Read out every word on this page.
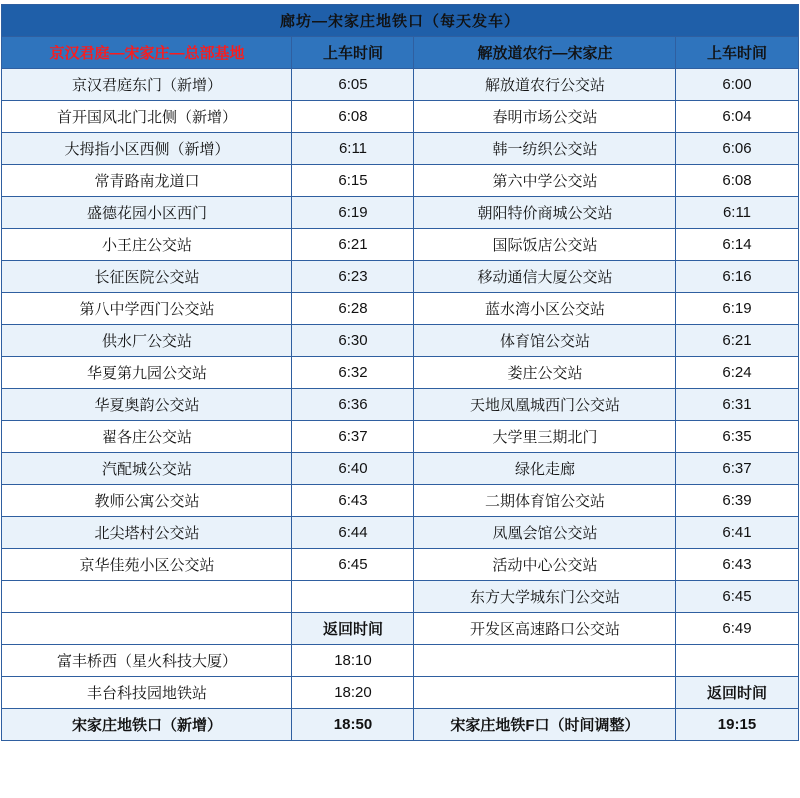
廊坊—宋家庄地铁口（每天发车）			
京汉君庭—宋家庄—总部基地	上车时间	解放道农行—宋家庄	上车时间
京汉君庭东门（新增）	6:05	解放道农行公交站	6:00
首开国风北门北侧（新增）	6:08	春明市场公交站	6:04
大拇指小区西侧（新增）	6:11	韩一纺织公交站	6:06
常青路南龙道口	6:15	第六中学公交站	6:08
盛德花园小区西门	6:19	朝阳特价商城公交站	6:11
小王庄公交站	6:21	国际饭店公交站	6:14
长征医院公交站	6:23	移动通信大厦公交站	6:16
第八中学西门公交站	6:28	蓝水湾小区公交站	6:19
供水厂公交站	6:30	体育馆公交站	6:21
华夏第九园公交站	6:32	娄庄公交站	6:24
华夏奥韵公交站	6:36	天地凤凰城西门公交站	6:31
翟各庄公交站	6:37	大学里三期北门	6:35
汽配城公交站	6:40	绿化走廊	6:37
教师公寓公交站	6:43	二期体育馆公交站	6:39
北尖塔村公交站	6:44	凤凰会馆公交站	6:41
京华佳苑小区公交站	6:45	活动中心公交站	6:43
		东方大学城东门公交站	6:45
	返回时间	开发区高速路口公交站	6:49
富丰桥西（星火科技大厦）	18:10		
丰台科技园地铁站	18:20		返回时间
宋家庄地铁口（新增）	18:50	宋家庄地铁F口（时间调整）	19:15
